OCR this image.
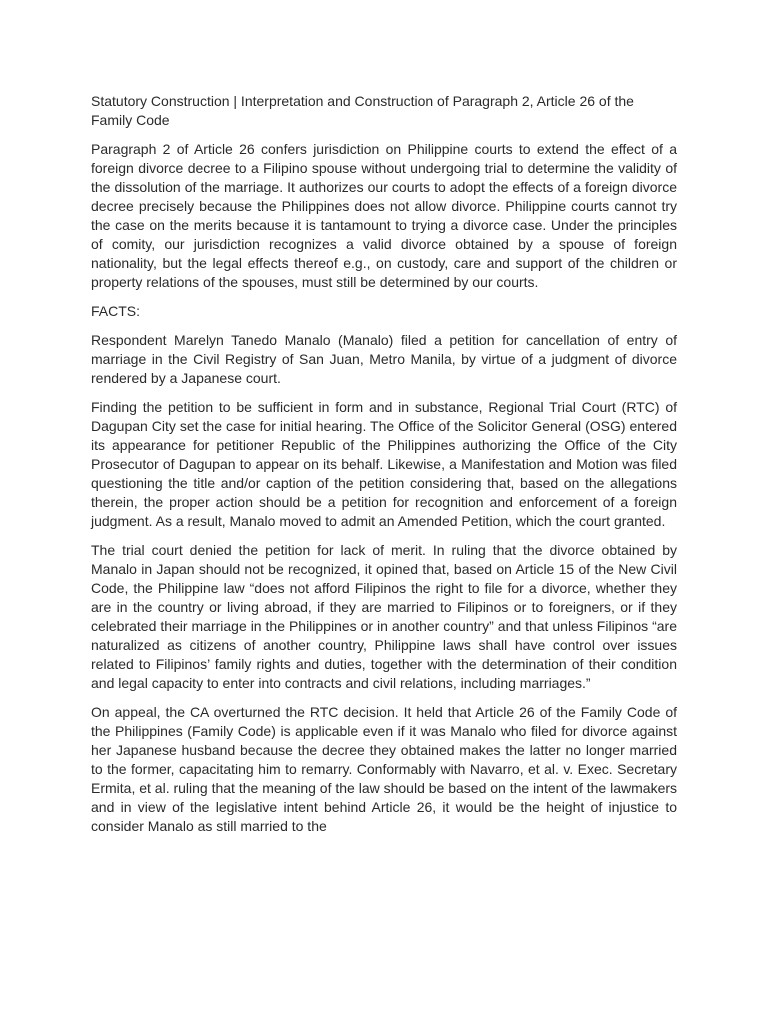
Statutory Construction | Interpretation and Construction of Paragraph 2, Article 26 of the Family Code

Paragraph 2 of Article 26 confers jurisdiction on Philippine courts to extend the effect of a foreign divorce decree to a Filipino spouse without undergoing trial to determine the validity of the dissolution of the marriage. It authorizes our courts to adopt the effects of a foreign divorce decree precisely because the Philippines does not allow divorce. Philippine courts cannot try the case on the merits because it is tantamount to trying a divorce case. Under the principles of comity, our jurisdiction recognizes a valid divorce obtained by a spouse of foreign nationality, but the legal effects thereof e.g., on custody, care and support of the children or property relations of the spouses, must still be determined by our courts.

FACTS:

Respondent Marelyn Tanedo Manalo (Manalo) filed a petition for cancellation of entry of marriage in the Civil Registry of San Juan, Metro Manila, by virtue of a judgment of divorce rendered by a Japanese court.

Finding the petition to be sufficient in form and in substance, Regional Trial Court (RTC) of Dagupan City set the case for initial hearing. The Office of the Solicitor General (OSG) entered its appearance for petitioner Republic of the Philippines authorizing the Office of the City Prosecutor of Dagupan to appear on its behalf. Likewise, a Manifestation and Motion was filed questioning the title and/or caption of the petition considering that, based on the allegations therein, the proper action should be a petition for recognition and enforcement of a foreign judgment. As a result, Manalo moved to admit an Amended Petition, which the court granted.

The trial court denied the petition for lack of merit. In ruling that the divorce obtained by Manalo in Japan should not be recognized, it opined that, based on Article 15 of the New Civil Code, the Philippine law “does not afford Filipinos the right to file for a divorce, whether they are in the country or living abroad, if they are married to Filipinos or to foreigners, or if they celebrated their marriage in the Philippines or in another country” and that unless Filipinos “are naturalized as citizens of another country, Philippine laws shall have control over issues related to Filipinos’ family rights and duties, together with the determination of their condition and legal capacity to enter into contracts and civil relations, including marriages.”

On appeal, the CA overturned the RTC decision. It held that Article 26 of the Family Code of the Philippines (Family Code) is applicable even if it was Manalo who filed for divorce against her Japanese husband because the decree they obtained makes the latter no longer married to the former, capacitating him to remarry. Conformably with Navarro, et al. v. Exec. Secretary Ermita, et al. ruling that the meaning of the law should be based on the intent of the lawmakers and in view of the legislative intent behind Article 26, it would be the height of injustice to consider Manalo as still married to the
